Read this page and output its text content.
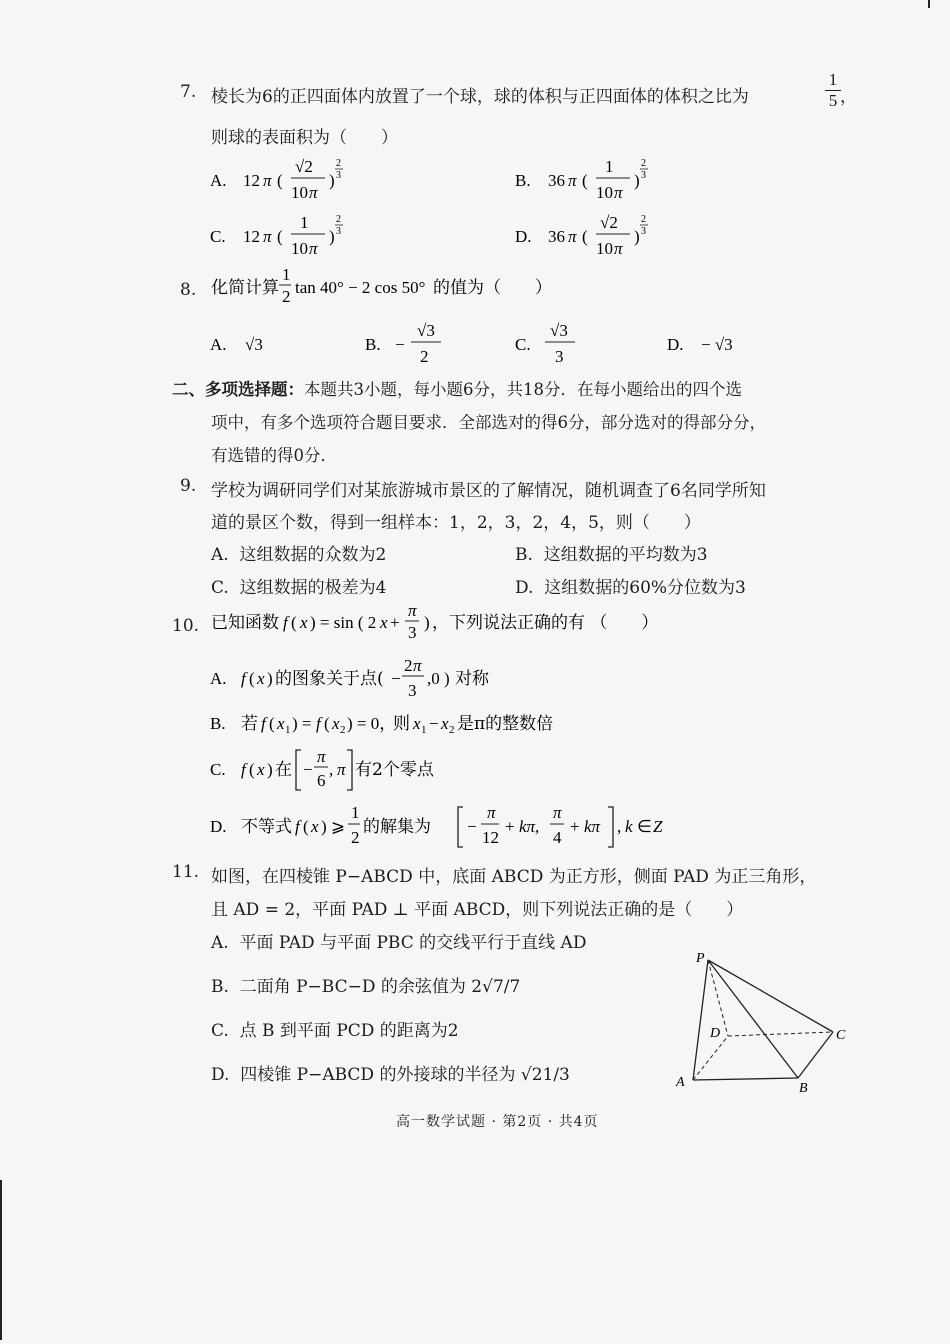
7. 棱长为6的正四面体内放置了一个球，球的体积与正四面体的体积之比为
1
5 ，
则球的表面积为（　　）
A. 12 π (
√2
10 π
)
2
3	B. 36 π (
1
10 π
)
2
3
C. 12 π (
1
10 π
)
2
3	D. 36 π (
√2
10 π
)
2
3
8. 化简计算
1
2 tan 40° − 2 cos 50° 的值为（　　）
A. √3	B. −
√3
2
C.
√3
3
D. − √3
二、多项选择题：本题共3小题，每小题6分，共18分．在每小题给出的四个选
项中，有多个选项符合题目要求．全部选对的得6分，部分选对的得部分分，
有选错的得0分．
9. 学校为调研同学们对某旅游城市景区的了解情况，随机调查了6名同学所知
道的景区个数，得到一组样本：1，2，3，2，4，5，则（　　）
A. 这组数据的众数为2	B. 这组数据的平均数为3
C. 这组数据的极差为4	D. 这组数据的60%分位数为3
10. 已知函数 f ( x ) = sin ( 2 x +
π
3
) ，下列说法正确的有 （　　）
A. f ( x ) 的图象关于点( −
2 π
3
,0 ) 对称
B. 若 f ( x 1 ) = f ( x 2 ) = 0，
则 x 1 − x 2 是π的整数倍
C. f ( x ) 在 −
π
6
, π 有2个零点
D. 不等式 f ( x ) ⩾
1
2
的解集为 −
π
12
+ kπ,
π
4
+ kπ , k ∈ Z
11. 如图，在四棱锥 P−ABCD 中，底面 ABCD 为正方形，侧面 PAD 为正三角形，
且 AD = 2，平面 PAD ⊥ 平面 ABCD，则下列说法正确的是（　　）
A. 平面 PAD 与平面 PBC 的交线平行于直线 AD
B. 二面角 P−BC−D 的余弦值为 2√7/7
C. 点 B 到平面 PCD 的距离为2
D. 四棱锥 P−ABCD 的外接球的半径为 √21/3
P
A	B
C
D
高一数学试题 · 第2页 · 共4页
